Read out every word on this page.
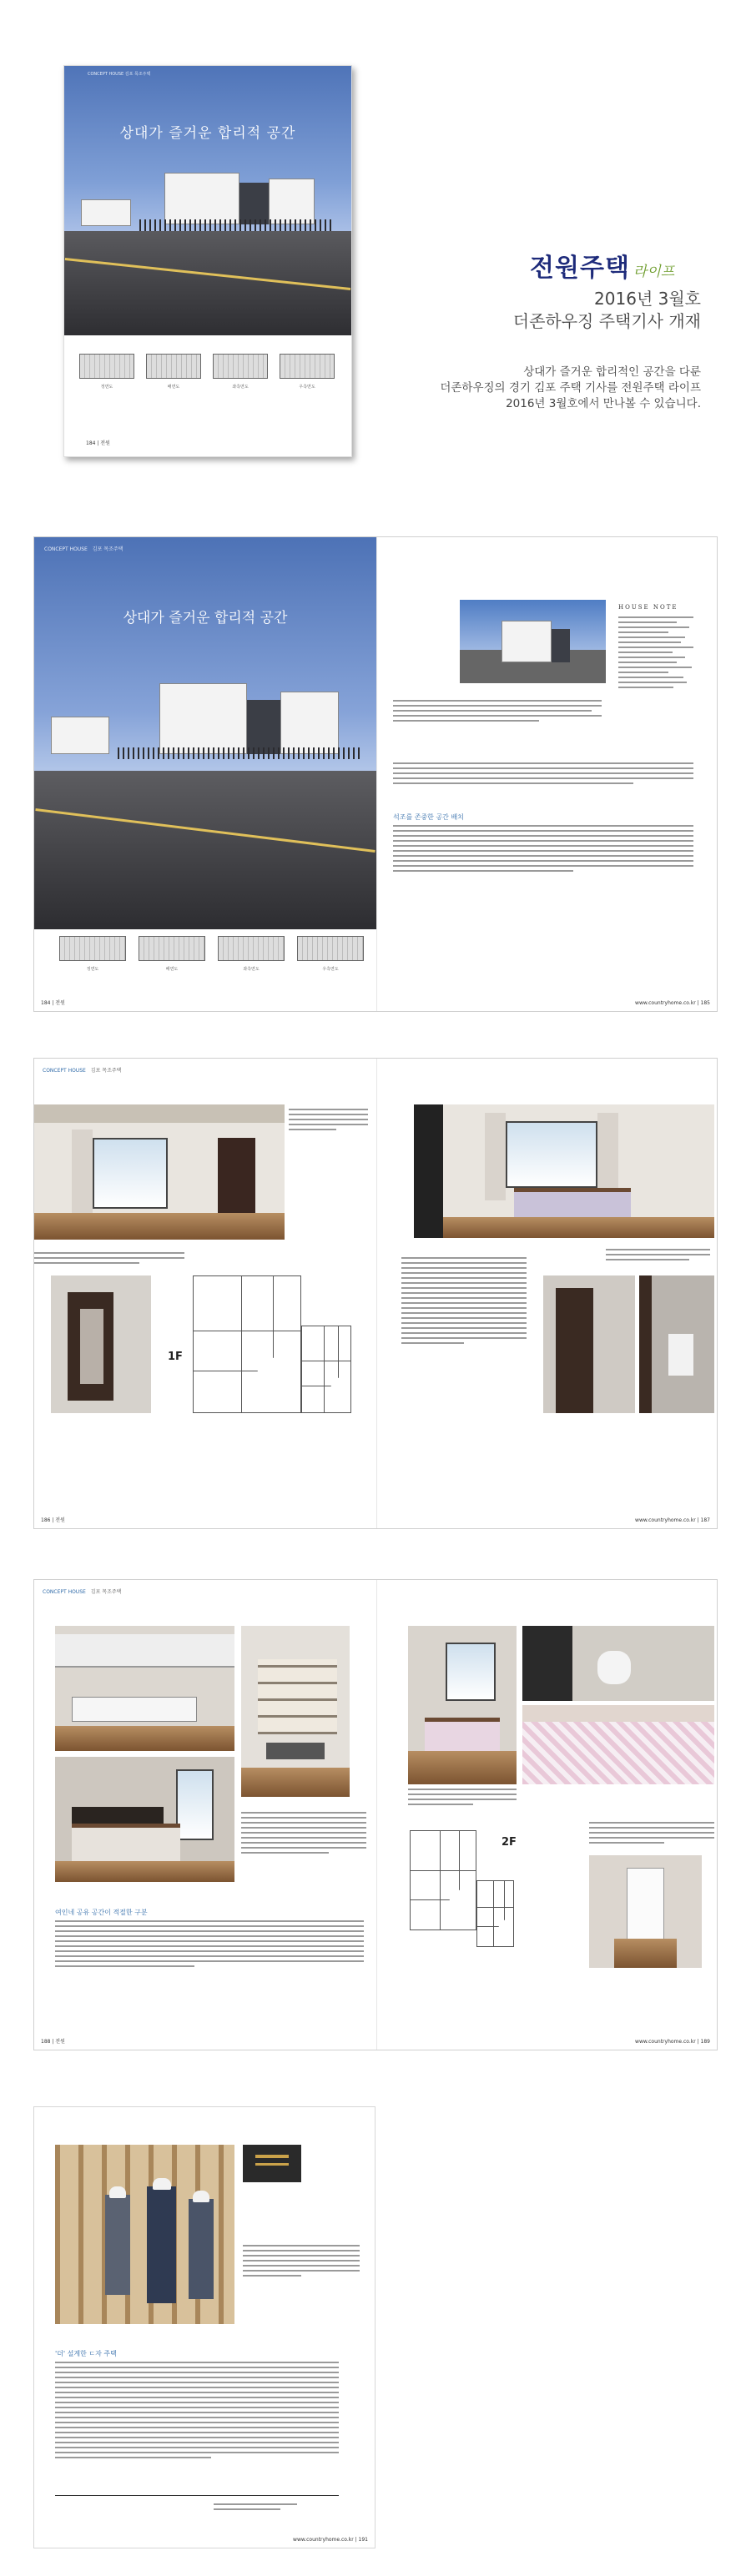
CONCEPT HOUSE 김포 목조주택
상대가 즐거운 합리적 공간
정면도	배면도	좌측면도	우측면도
184 | 전원
전원주택 라이프
2016년 3월호
더존하우징 주택기사 개재
상대가 즐거운 합리적인 공간을 다룬
더존하우징의 경기 김포 주택 기사를 전원주택 라이프
2016년 3월호에서 만나볼 수 있습니다.
CONCEPT HOUSE 김포 목조주택
상대가 즐거운 합리적 공간
정면도	배면도	좌측면도	우측면도
184 | 전원
HOUSE NOTE
석조를 존중한 공간 배치
www.countryhome.co.kr | 185
CONCEPT HOUSE 김포 목조주택
1F
186 | 전원	www.countryhome.co.kr | 187
CONCEPT HOUSE 김포 목조주택
여인네 공유 공간이 적절한 구분
2F
188 | 전원	www.countryhome.co.kr | 189
'더' 설계한 ㄷ자 주택
www.countryhome.co.kr | 191
